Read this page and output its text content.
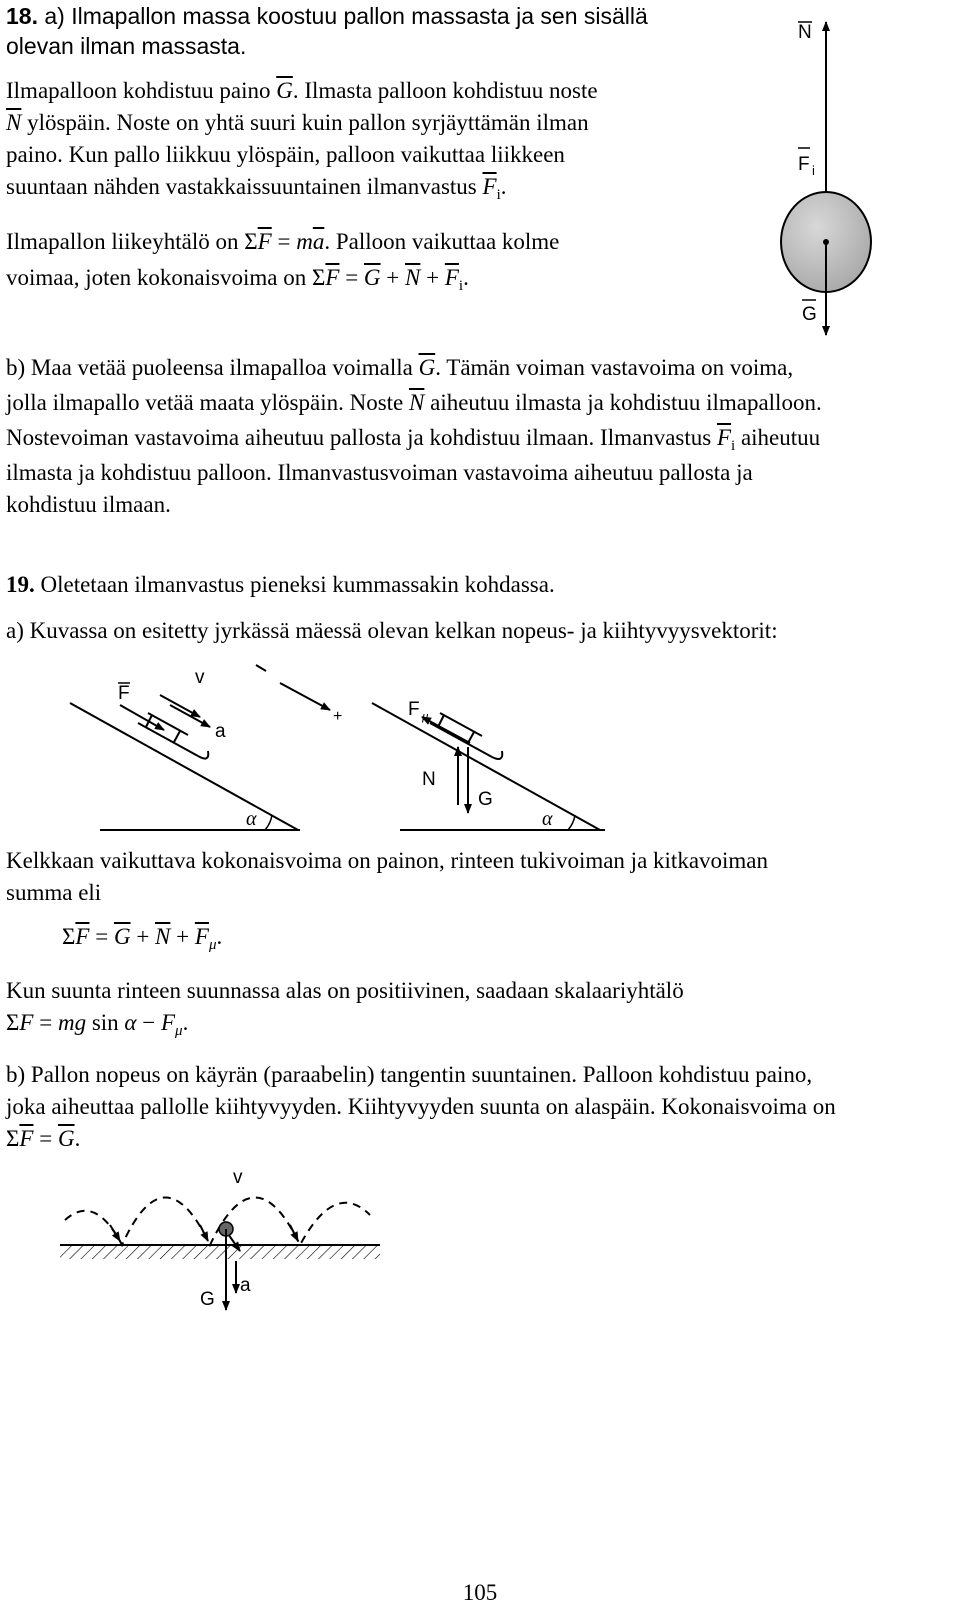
18. a) Ilmapallon massa koostuu pallon massasta ja sen sisällä
olevan ilman massasta.
Ilmapalloon kohdistuu paino $\overline{G}$. Ilmasta palloon kohdistuu noste
$\overline{N}$ ylöspäin. Noste on yhtä suuri kuin pallon syrjäyttämän ilman
paino. Kun pallo liikkuu ylöspäin, palloon vaikuttaa liikkeen
suuntaan nähden vastakkaissuuntainen ilmanvastus $\overline{F}_i$.
Ilmapallon liikeyhtälö on $\Sigma\overline{F} = m\overline{a}$. Palloon vaikuttaa kolme
voimaa, joten kokonaisvoima on $\Sigma\overline{F} = \overline{G} + \overline{N} + \overline{F}_i$.
N
F i
G
b) Maa vetää puoleensa ilmapalloa voimalla $\overline{G}$. Tämän voiman vastavoima on voima,
jolla ilmapallo vetää maata ylöspäin. Noste $\overline{N}$ aiheutuu ilmasta ja kohdistuu ilmapalloon.
Nostevoiman vastavoima aiheutuu pallosta ja kohdistuu ilmaan. Ilmanvastus $\overline{F}_i$ aiheutuu
ilmasta ja kohdistuu palloon. Ilmanvastusvoiman vastavoima aiheutuu pallosta ja
kohdistuu ilmaan.
19. Oletetaan ilmanvastus pieneksi kummassakin kohdassa.
a) Kuvassa on esitetty jyrkässä mäessä olevan kelkan nopeus- ja kiihtyvyysvektorit:
α
F
v
a
+
α
F μ
N
G
Kelkkaan vaikuttava kokonaisvoima on painon, rinteen tukivoiman ja kitkavoiman
summa eli
$\Sigma\overline{F} = \overline{G} + \overline{N} + \overline{F}_\mu$.
Kun suunta rinteen suunnassa alas on positiivinen, saadaan skalaariyhtälö
ΣF = mg $\sin \alpha - F_\mu$.
b) Pallon nopeus on käyrän (paraabelin) tangentin suuntainen. Palloon kohdistuu paino,
joka aiheuttaa pallolle kiihtyvyyden. Kiihtyvyyden suunta on alaspäin. Kokonaisvoima on
$\Sigma\overline{F} = \overline{G}$.
v
a
G
105
